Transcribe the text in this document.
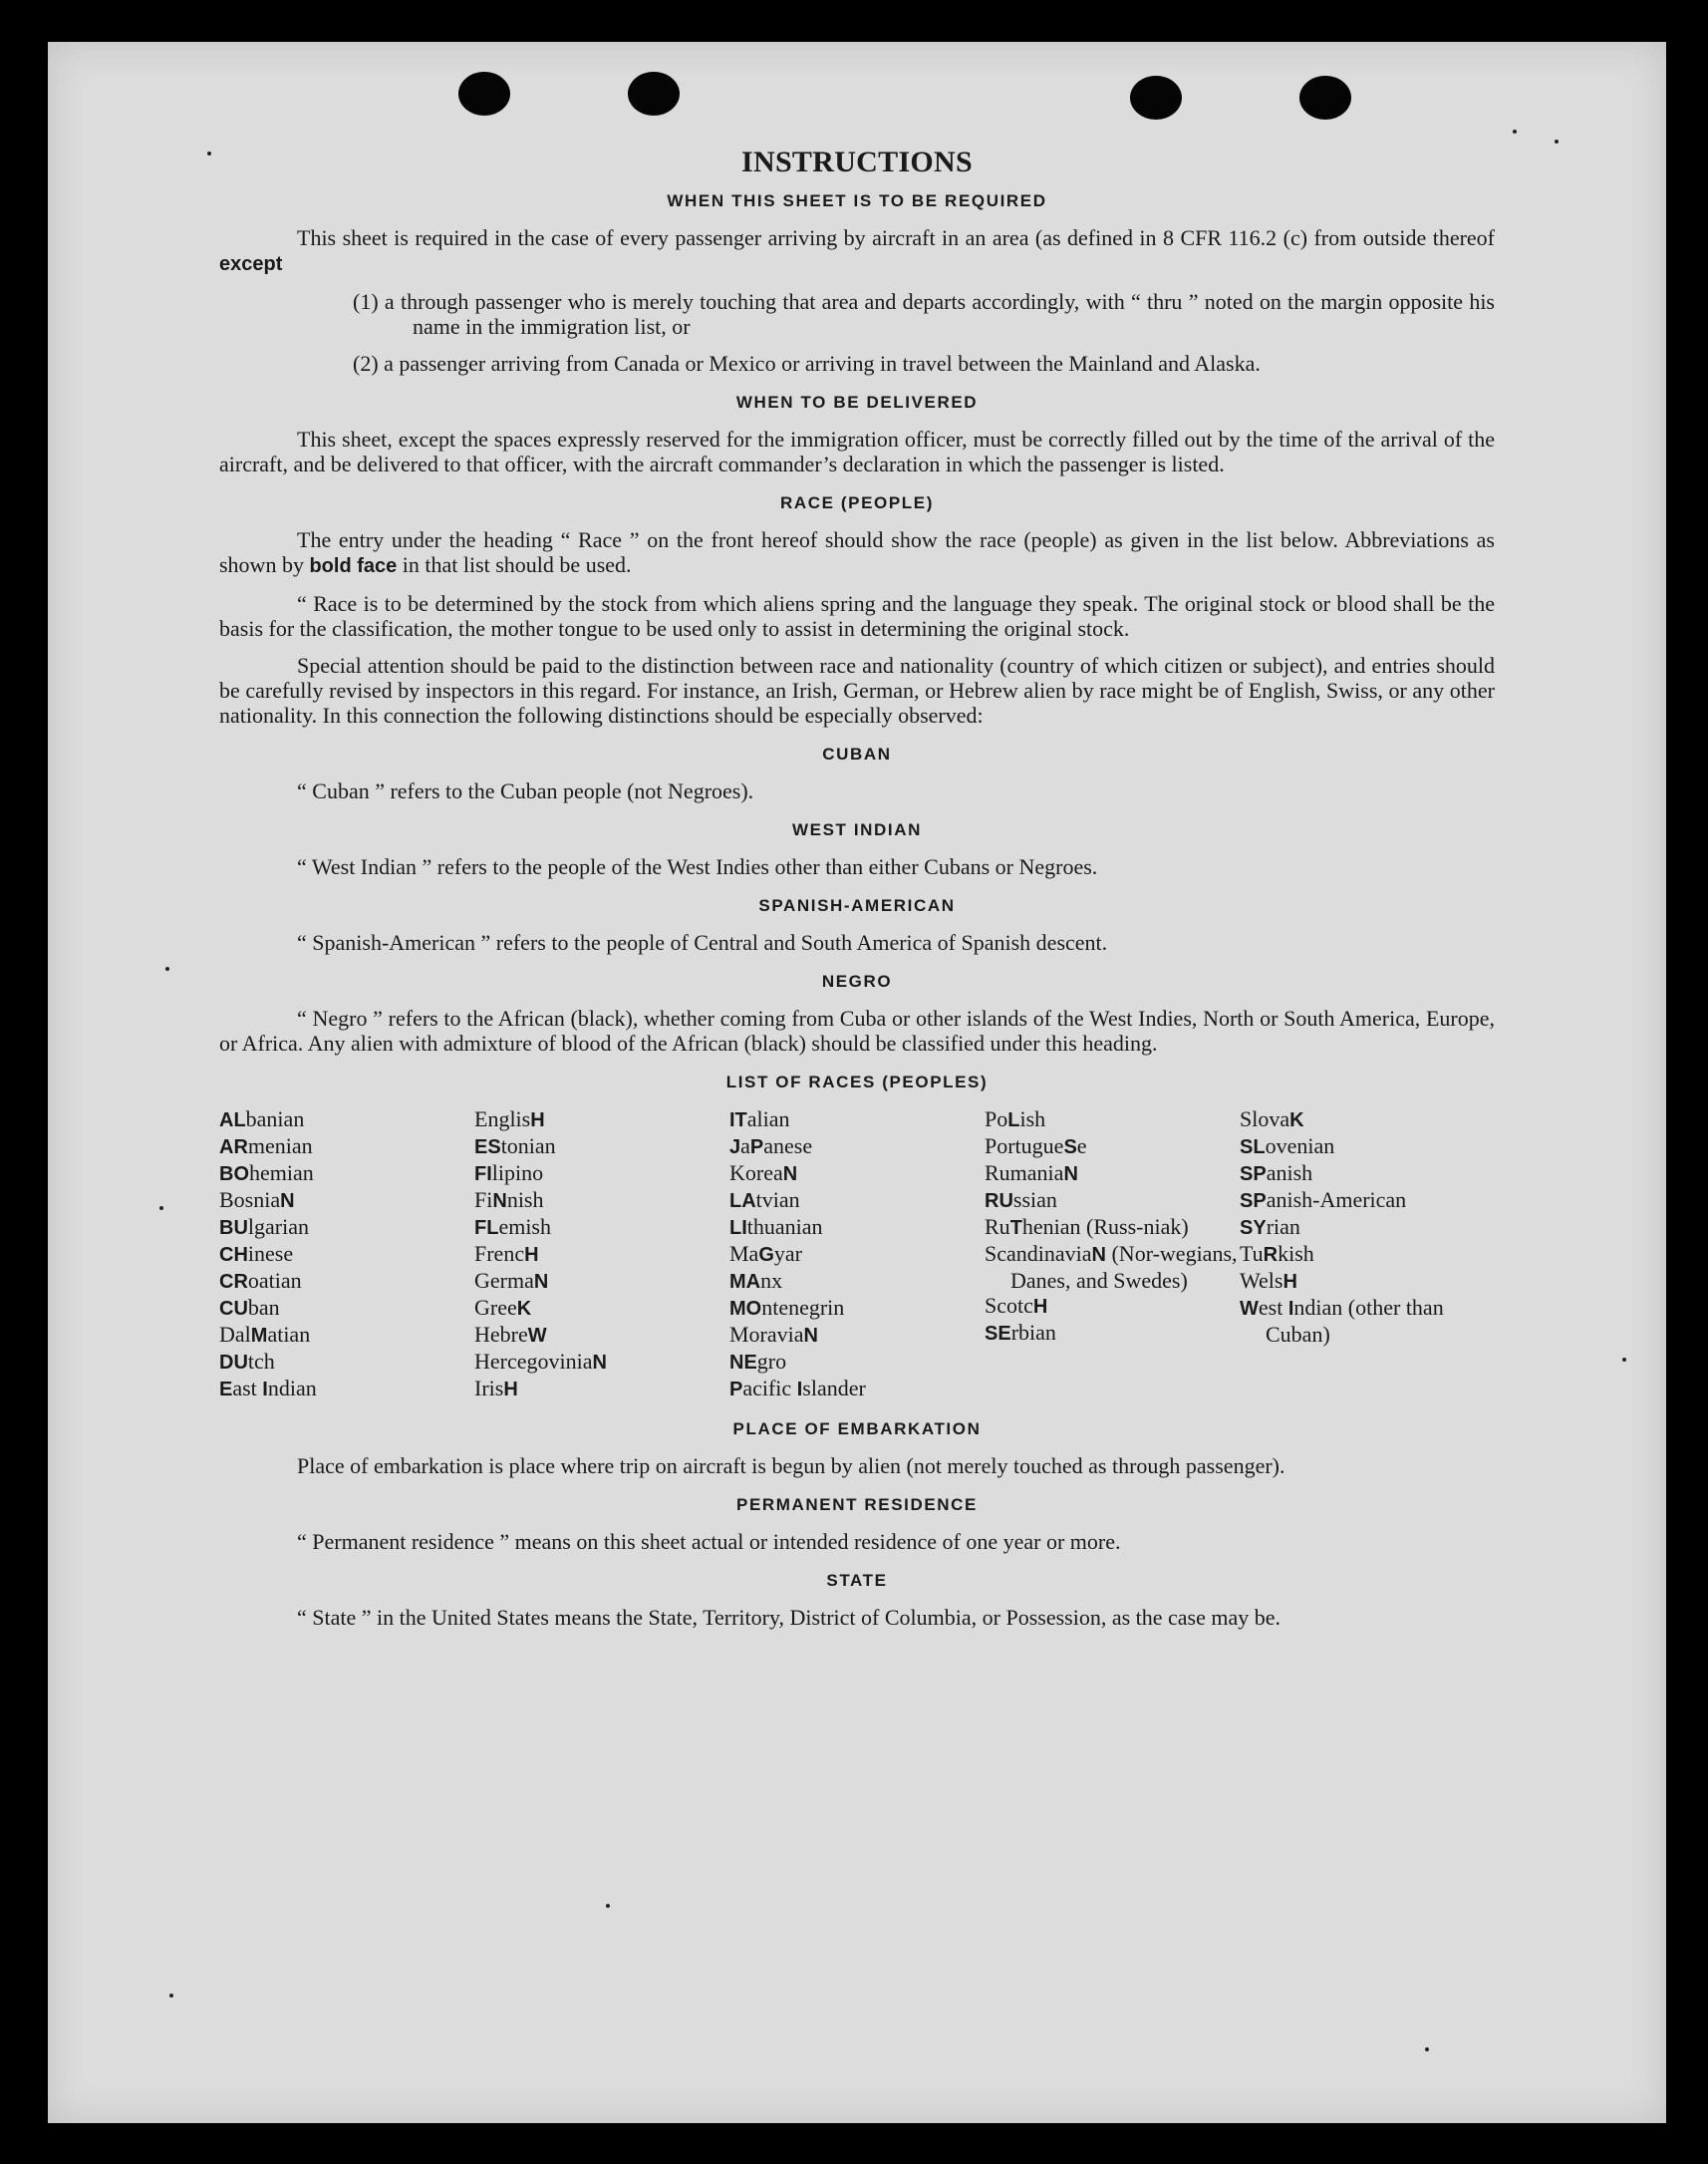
INSTRUCTIONS
WHEN THIS SHEET IS TO BE REQUIRED

This sheet is required in the case of every passenger arriving by aircraft in an area (as defined in 8 CFR 116.2 (c) from outside thereof except

(1) a through passenger who is merely touching that area and departs accordingly, with “ thru ” noted on the margin opposite his name in the immigration list, or
(2) a passenger arriving from Canada or Mexico or arriving in travel between the Mainland and Alaska.
WHEN TO BE DELIVERED

This sheet, except the spaces expressly reserved for the immigration officer, must be correctly filled out by the time of the arrival of the aircraft, and be delivered to that officer, with the aircraft commander’s declaration in which the passenger is listed.

RACE (PEOPLE)

The entry under the heading “ Race ” on the front hereof should show the race (people) as given in the list below. Abbreviations as shown by bold face in that list should be used.

“ Race is to be determined by the stock from which aliens spring and the language they speak. The original stock or blood shall be the basis for the classification, the mother tongue to be used only to assist in determining the original stock.

Special attention should be paid to the distinction between race and nationality (country of which citizen or subject), and entries should be carefully revised by inspectors in this regard. For instance, an Irish, German, or Hebrew alien by race might be of English, Swiss, or any other nationality. In this connection the following distinctions should be especially observed:

CUBAN

“ Cuban ” refers to the Cuban people (not Negroes).

WEST INDIAN

“ West Indian ” refers to the people of the West Indies other than either Cubans or Negroes.

SPANISH-AMERICAN

“ Spanish-American ” refers to the people of Central and South America of Spanish descent.

NEGRO

“ Negro ” refers to the African (black), whether coming from Cuba or other islands of the West Indies, North or South America, Europe, or Africa. Any alien with admixture of blood of the African (black) should be classified under this heading.

LIST OF RACES (PEOPLES)
ALbanian
ARmenian
BOhemian
BosniaN
BUlgarian
CHinese
CRoatian
CUban
DalMatian
DUtch
East Indian
EnglisH
EStonian
FIlipino
FiNnish
FLemish
FrencH
GermaN
GreeK
HebreW
HercegoviniaN
IrisH
ITalian
JaPanese
KoreaN
LAtvian
LIthuanian
MaGyar
MAnx
MOntenegrin
MoraviaN
NEgro
Pacific Islander
PoLish
PortugueSe
RumaniaN
RUssian
RuThenian (Russ-niak)
ScandinaviaN (Nor-wegians, Danes, and Swedes)
ScotcH
SErbian
SlovaK
SLovenian
SPanish
SPanish-American
SYrian
TuRkish
WelsH
West Indian (other than Cuban)
PLACE OF EMBARKATION

Place of embarkation is place where trip on aircraft is begun by alien (not merely touched as through passenger).

PERMANENT RESIDENCE

“ Permanent residence ” means on this sheet actual or intended residence of one year or more.

STATE

“ State ” in the United States means the State, Territory, District of Columbia, or Possession, as the case may be.
